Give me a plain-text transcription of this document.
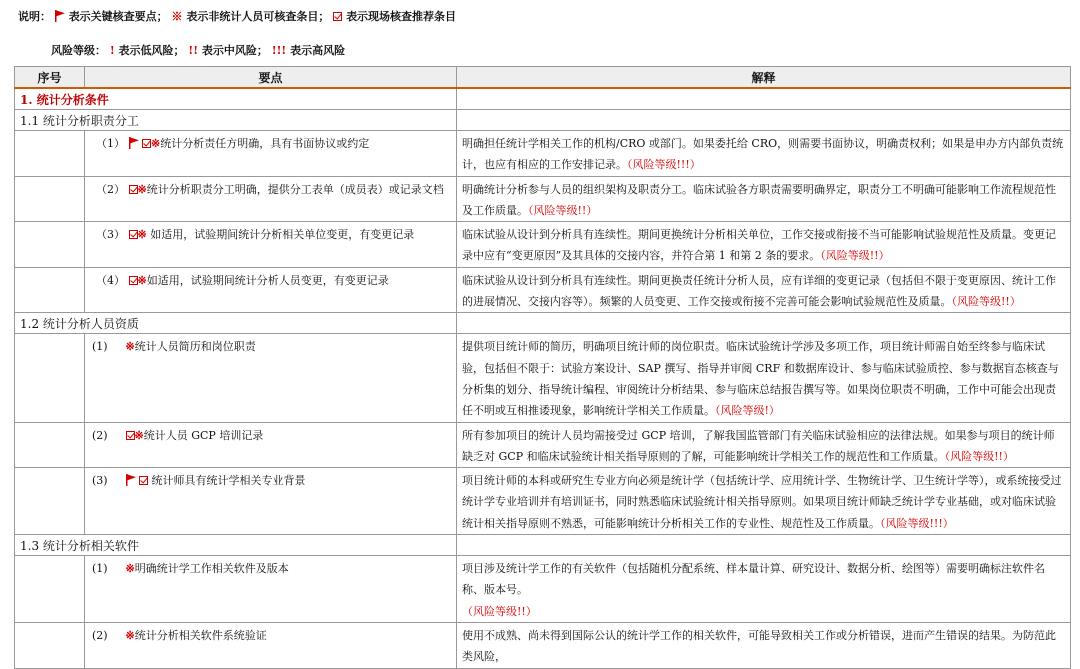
说明： 表示关键核查要点； ※ 表示非统计人员可核查条目； 表示现场核查推荐条目
风险等级： ! 表示低风险； !! 表示中风险； !!! 表示高风险
序号	要点	解释
1. 统计分析条件		
1.1 统计分析职责分工		
	（1） ※统计分析责任方明确，具有书面协议或约定	明确担任统计学相关工作的机构/CRO 或部门。如果委托给 CRO，则需要书面协议，明确责权利；如果是申办方内部负责统计，也应有相应的工作安排记录。（风险等级!!!）
	（2） ※统计分析职责分工明确，提供分工表单（成员表）或记录文档	明确统计分析参与人员的组织架构及职责分工。临床试验各方职责需要明确界定，职责分工不明确可能影响工作流程规范性及工作质量。（风险等级!!）
	（3） ※ 如适用，试验期间统计分析相关单位变更，有变更记录	临床试验从设计到分析具有连续性。期间更换统计分析相关单位，工作交接或衔接不当可能影响试验规范性及质量。变更记录中应有“变更原因”及其具体的交接内容，并符合第 1 和第 2 条的要求。（风险等级!!）
	（4） ※如适用，试验期间统计分析人员变更，有变更记录	临床试验从设计到分析具有连续性。期间更换责任统计分析人员，应有详细的变更记录（包括但不限于变更原因、统计工作的进展情况、交接内容等）。频繁的人员变更、工作交接或衔接不完善可能会影响试验规范性及质量。（风险等级!!）
1.2 统计分析人员资质		
	(1) ※统计人员简历和岗位职责	提供项目统计师的简历，明确项目统计师的岗位职责。临床试验统计学涉及多项工作，项目统计师需自始至终参与临床试验，包括但不限于：试验方案设计、SAP 撰写、指导并审阅 CRF 和数据库设计、参与临床试验质控、参与数据盲态核查与分析集的划分、指导统计编程、审阅统计分析结果、参与临床总结报告撰写等。如果岗位职责不明确，工作中可能会出现责任不明或互相推诿现象，影响统计学相关工作质量。（风险等级!）
	(2) ※统计人员 GCP 培训记录	所有参加项目的统计人员均需接受过 GCP 培训，了解我国监管部门有关临床试验相应的法律法规。如果参与项目的统计师缺乏对 GCP 和临床试验统计相关指导原则的了解，可能影响统计学相关工作的规范性和工作质量。（风险等级!!）
	(3) 统计师具有统计学相关专业背景	项目统计师的本科或研究生专业方向必须是统计学（包括统计学、应用统计学、生物统计学、卫生统计学等），或系统接受过统计学专业培训并有培训证书，同时熟悉临床试验统计相关指导原则。如果项目统计师缺乏统计学专业基础，或对临床试验统计相关指导原则不熟悉，可能影响统计分析相关工作的专业性、规范性及工作质量。（风险等级!!!）
1.3 统计分析相关软件		
	(1) ※明确统计学工作相关软件及版本	项目涉及统计学工作的有关软件（包括随机分配系统、样本量计算、研究设计、数据分析、绘图等）需要明确标注软件名称、版本号。
（风险等级!!）
	(2) ※统计分析相关软件系统验证	使用不成熟、尚未得到国际公认的统计学工作的相关软件，可能导致相关工作或分析错误，进而产生错误的结果。为防范此类风险，
